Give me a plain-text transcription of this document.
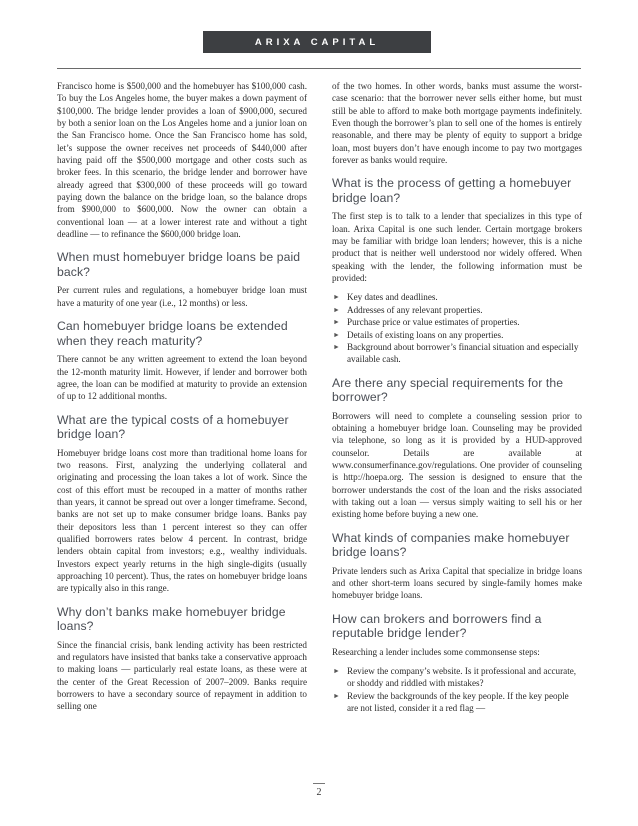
ARIXA CAPITAL

Francisco home is $500,000 and the homebuyer has $100,000 cash. To buy the Los Angeles home, the buyer makes a down payment of $100,000. The bridge lender provides a loan of $900,000, secured by both a senior loan on the Los Angeles home and a junior loan on the San Francisco home. Once the San Francisco home has sold, let’s suppose the owner receives net proceeds of $440,000 after having paid off the $500,000 mortgage and other costs such as broker fees. In this scenario, the bridge lender and borrower have already agreed that $300,000 of these proceeds will go toward paying down the balance on the bridge loan, so the balance drops from $900,000 to $600,000. Now the owner can obtain a conventional loan — at a lower interest rate and without a tight deadline — to refinance the $600,000 bridge loan.

When must homebuyer bridge loans be paid back?

Per current rules and regulations, a homebuyer bridge loan must have a maturity of one year (i.e., 12 months) or less.

Can homebuyer bridge loans be extended when they reach maturity?

There cannot be any written agreement to extend the loan beyond the 12-month maturity limit. However, if lender and borrower both agree, the loan can be modified at maturity to provide an extension of up to 12 additional months.

What are the typical costs of a homebuyer bridge loan?

Homebuyer bridge loans cost more than traditional home loans for two reasons. First, analyzing the underlying collateral and originating and processing the loan takes a lot of work. Since the cost of this effort must be recouped in a matter of months rather than years, it cannot be spread out over a longer timeframe. Second, banks are not set up to make consumer bridge loans. Banks pay their depositors less than 1 percent interest so they can offer qualified borrowers rates below 4 percent. In contrast, bridge lenders obtain capital from investors; e.g., wealthy individuals. Investors expect yearly returns in the high single-digits (usually approaching 10 percent). Thus, the rates on homebuyer bridge loans are typically also in this range.

Why don’t banks make homebuyer bridge loans?

Since the financial crisis, bank lending activity has been restricted and regulators have insisted that banks take a conservative approach to making loans — particularly real estate loans, as these were at the center of the Great Recession of 2007–2009. Banks require borrowers to have a secondary source of repayment in addition to selling one

of the two homes. In other words, banks must assume the worst-case scenario: that the borrower never sells either home, but must still be able to afford to make both mortgage payments indefinitely. Even though the borrower’s plan to sell one of the homes is entirely reasonable, and there may be plenty of equity to support a bridge loan, most buyers don’t have enough income to pay two mortgages forever as banks would require.

What is the process of getting a homebuyer bridge loan?

The first step is to talk to a lender that specializes in this type of loan. Arixa Capital is one such lender. Certain mortgage brokers may be familiar with bridge loan lenders; however, this is a niche product that is neither well understood nor widely offered. When speaking with the lender, the following information must be provided:

► Key dates and deadlines.
► Addresses of any relevant properties.
► Purchase price or value estimates of properties.
► Details of existing loans on any properties.
► Background about borrower’s financial situation and especially available cash.
Are there any special requirements for the borrower?

Borrowers will need to complete a counseling session prior to obtaining a homebuyer bridge loan. Counseling may be provided via telephone, so long as it is provided by a HUD-approved counselor. Details are available at www.consumerfinance.gov/regulations. One provider of counseling is http://hoepa.org. The session is designed to ensure that the borrower understands the cost of the loan and the risks associated with taking out a loan — versus simply waiting to sell his or her existing home before buying a new one.

What kinds of companies make homebuyer bridge loans?

Private lenders such as Arixa Capital that specialize in bridge loans and other short-term loans secured by single-family homes make homebuyer bridge loans.

How can brokers and borrowers find a reputable bridge lender?

Researching a lender includes some commonsense steps:

► Review the company’s website. Is it professional and accurate, or shoddy and riddled with mistakes?
► Review the backgrounds of the key people. If the key people are not listed, consider it a red flag —
2
